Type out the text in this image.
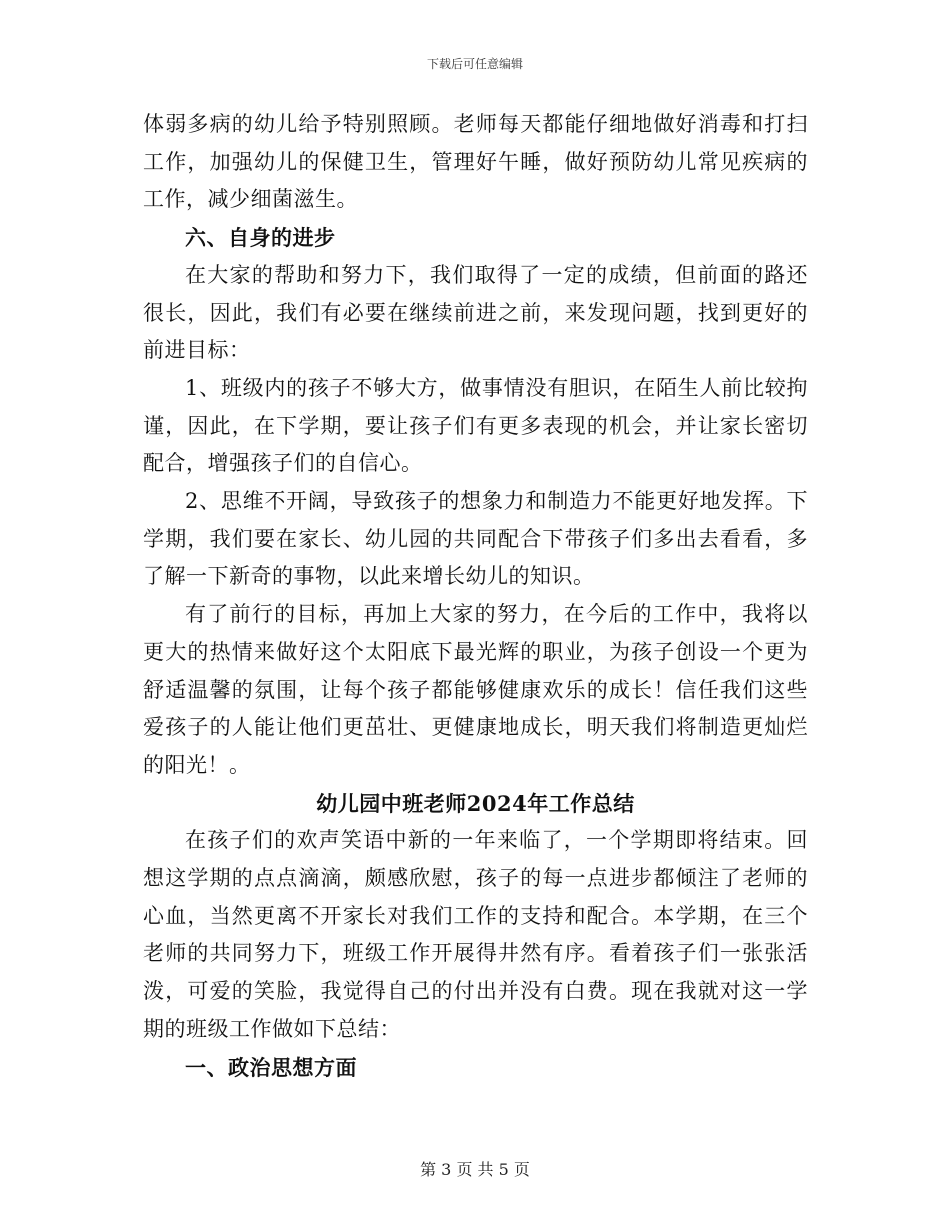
下载后可任意编辑

体弱多病的幼儿给予特别照顾。老师每天都能仔细地做好消毒和打扫工作，加强幼儿的保健卫生，管理好午睡，做好预防幼儿常见疾病的工作，减少细菌滋生。

六、自身的进步

在大家的帮助和努力下，我们取得了一定的成绩，但前面的路还很长，因此，我们有必要在继续前进之前，来发现问题，找到更好的前进目标：

1、班级内的孩子不够大方，做事情没有胆识，在陌生人前比较拘谨，因此，在下学期，要让孩子们有更多表现的机会，并让家长密切配合，增强孩子们的自信心。

2、思维不开阔，导致孩子的想象力和制造力不能更好地发挥。下学期，我们要在家长、幼儿园的共同配合下带孩子们多出去看看，多了解一下新奇的事物，以此来增长幼儿的知识。

有了前行的目标，再加上大家的努力，在今后的工作中，我将以更大的热情来做好这个太阳底下最光辉的职业，为孩子创设一个更为舒适温馨的氛围，让每个孩子都能够健康欢乐的成长！信任我们这些爱孩子的人能让他们更茁壮、更健康地成长，明天我们将制造更灿烂的阳光！。

幼儿园中班老师2024年工作总结

在孩子们的欢声笑语中新的一年来临了，一个学期即将结束。回想这学期的点点滴滴，颇感欣慰，孩子的每一点进步都倾注了老师的心血，当然更离不开家长对我们工作的支持和配合。本学期，在三个老师的共同努力下，班级工作开展得井然有序。看着孩子们一张张活泼，可爱的笑脸，我觉得自己的付出并没有白费。现在我就对这一学期的班级工作做如下总结：

一、政治思想方面

第 3 页 共 5 页
